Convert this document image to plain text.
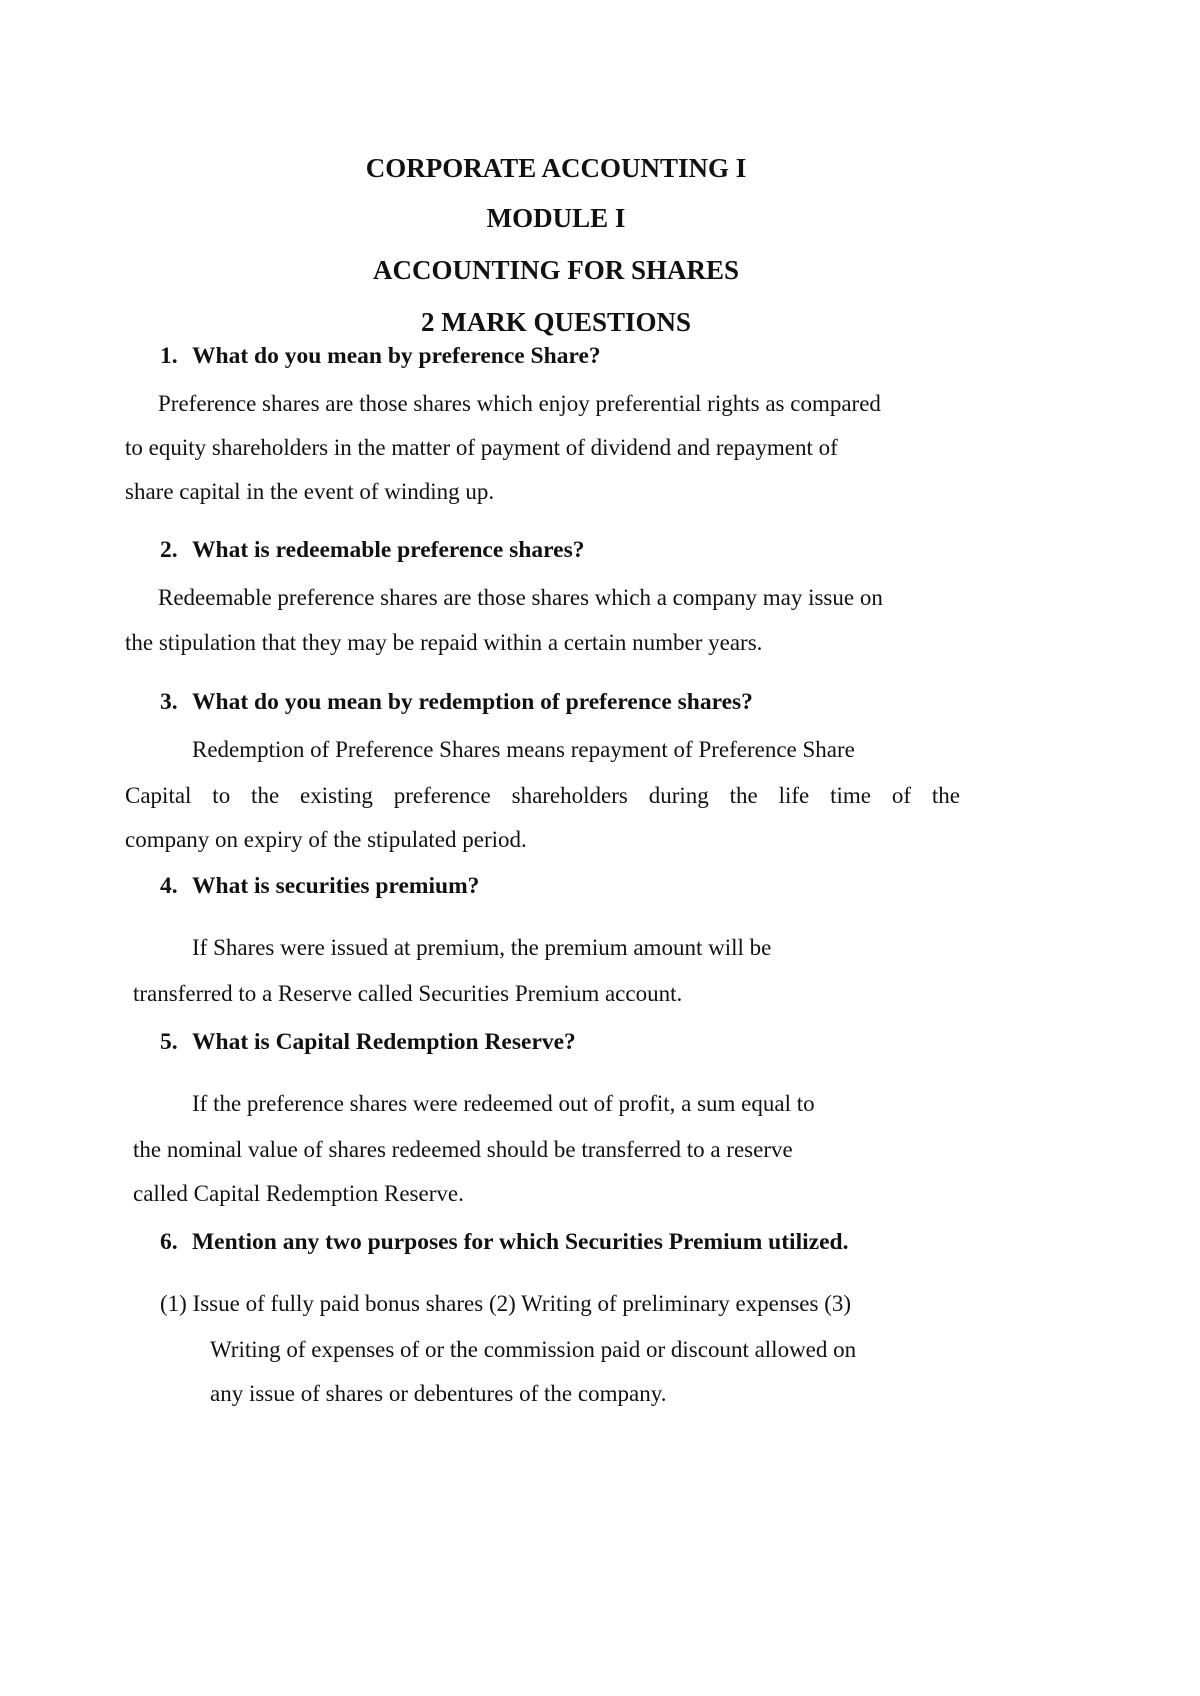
CORPORATE ACCOUNTING I
MODULE I
ACCOUNTING FOR SHARES
2 MARK QUESTIONS
1. What do you mean by preference Share?
Preference shares are those shares which enjoy preferential rights as compared
to equity shareholders in the matter of payment of dividend and repayment of
share capital in the event of winding up.
2. What is redeemable preference shares?
Redeemable preference shares are those shares which a company may issue on
the stipulation that they may be repaid within a certain number years.
3. What do you mean by redemption of preference shares?
Redemption of Preference Shares means repayment of Preference Share
Capital to the existing preference shareholders during the life time of the
company on expiry of the stipulated period.
4. What is securities premium?
If Shares were issued at premium, the premium amount will be
transferred to a Reserve called Securities Premium account.
5. What is Capital Redemption Reserve?
If the preference shares were redeemed out of profit, a sum equal to
the nominal value of shares redeemed should be transferred to a reserve
called Capital Redemption Reserve.
6. Mention any two purposes for which Securities Premium utilized.
(1) Issue of fully paid bonus shares (2) Writing of preliminary expenses (3)
Writing of expenses of or the commission paid or discount allowed on
any issue of shares or debentures of the company.
